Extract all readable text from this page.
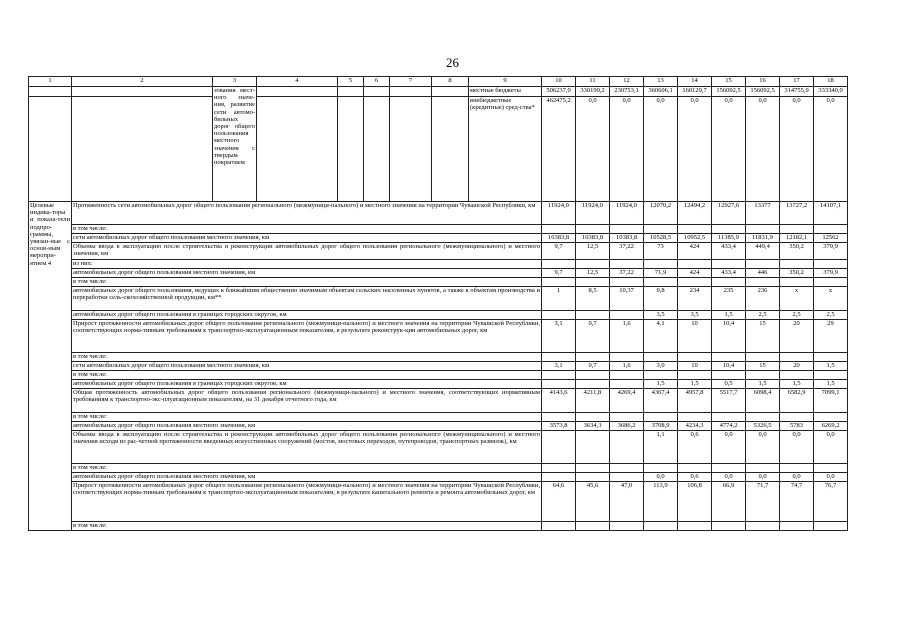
26
1	2	3	4	5	6	7	8	9	10	11	12	13	14	15	16	17	18
		зования мест-ного значе-ния, развитие сети автомо-бильных дорог общего пользования местного значения с твердым покрытием						местные бюджеты	506237,0	330199,2	230753,1	360606,1	160129,7	156092,5	156092,5	314755,9	333340,0
								внебюджетные (кредитные) сред-ства*	462475,2	0,0	0,0	0,0	0,0	0,0	0,0	0,0	0,0
Целевые индика-торы и показа-тели подпро-граммы, увязан-ные с основ-ным меропри-ятием 4	Протяженность сети автомобильных дорог общего пользования регионального (межмуници-пального) и местного значения на территории Чувашской Республики, км								11924,0	11924,0	11924,0	12070,2	12494,2	12927,6	13377	13727,2	14107,1
	в том числе:																
	сети автомобильных дорог общего пользования местного значения, км								10383,8	10383,8	10383,8	10528,5	10952,5	11385,9	11831,9	12182,1	12562
	Объемы ввода в эксплуатацию после строительства и реконструкции автомобильных дорог общего пользования регионального (межмуниципального) и местного значения, км								9,7	12,5	37,22	73	424	433,4	449,4	350,2	379,9
	из них:																
	автомобильных дорог общего пользования местного значения, км								9,7	12,5	37,22	71,9	424	433,4	446	350,2	379,9
	в том числе:																
	автомобильных дорог общего пользования, ведущих к ближайшим общественно значимым объектам сельских населенных пунктов, а также к объектам производства и переработки сель-скохозяйственной продукции, км**								1	8,5	10,37	9,8	234	235	236	x	x
	автомобильных дорог общего пользования в границах городских округов, км											3,5	3,5	1,5	2,5	2,5	2,5
	Прирост протяженности автомобильных дорог общего пользования регионального (межмуници-пального) и местного значения на территории Чувашской Республики, соответствующих норма-тивным требованиям к транспортно-эксплуатационным показателям, в результате реконструк-ции автомобильных дорог, км								3,1	0,7	1,6	4,1	10	10,4	15	20	29
	в том числе:																
	сети автомобильных дорог общего пользования местного значения, км								3,1	0,7	1,6	3,0	10	10,4	15	20	1,5
	в том числе:																
	автомобильных дорог общего пользования в границах городских округов, км											1,5	1,5	0,5	1,5	1,5	1,5
	Общая протяженность автомобильных дорог общего пользования регионального (межмуници-пального) и местного значения, соответствующих нормативным требованиям к транспортно-экс-плуатационным показателям, на 31 декабря отчетного года, км								4143,6	4211,8	4269,4	4367,4	4957,8	5517,7	6098,4	6582,9	7099,1
	в том числе:																
	автомобильных дорог общего пользования местного значения, км								3573,8	3634,3	3686,2	3708,9	4234,3	4774,2	5326,5	5783	6269,2
	Объемы ввода в эксплуатацию после строительства и реконструкции автомобильных дорог общего пользования регионального (межмуниципального) и местного значения исходя из рас-четной протяженности введенных искусственных сооружений (мостов, мостовых переходов, путепроводов, транспортных развязок), км											1,1	0,6	0,0	0,0	0,0	0,0
	в том числе:																
	автомобильных дорог общего пользования местного значения, км											0,0	0,6	0,0	0,0	0,0	0,0
	Прирост протяженности автомобильных дорог общего пользования регионального (межмуници-пального) и местного значения на территории Чувашской Республики, соответствующих норма-тивным требованиям к транспортно-эксплуатационным показателям, в результате капитального ремонта и ремонта автомобильных дорог, км								64,6	45,6	47,0	113,9	106,8	66,9	71,7	74,7	76,7
	в том числе:																
